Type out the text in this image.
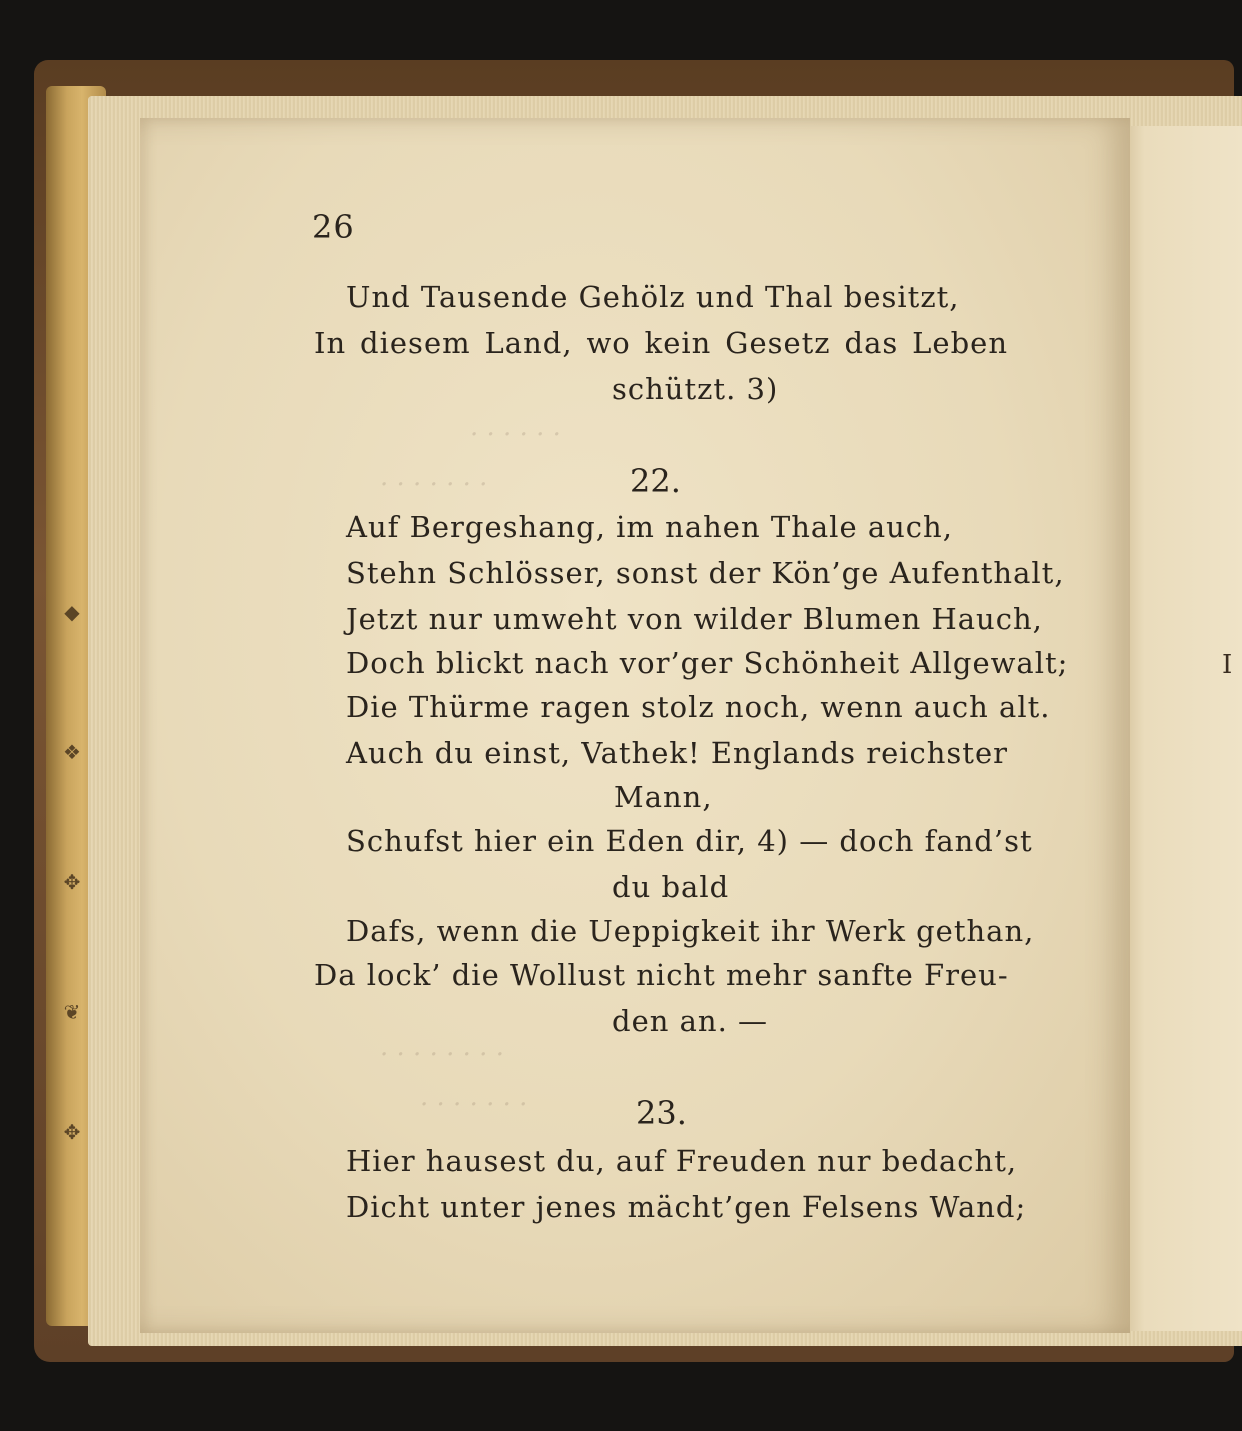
I
◆
❖
✥
❦
✥
· · · · · ·
· · · · · · ·
· · · · · · · ·
· · · · · · ·
26
Und Tausende Gehölz und Thal besitzt,
In diesem Land, wo kein Gesetz das Leben
schützt. 3)
22.
Auf Bergeshang, im nahen Thale auch,
Stehn Schlösser, sonst der Kön’ge Aufenthalt,
Jetzt nur umweht von wilder Blumen Hauch,
Doch blickt nach vor’ger Schönheit Allgewalt;
Die Thürme ragen stolz noch, wenn auch alt.
Auch du einst, Vathek! Englands reichster
Mann,
Schufst hier ein Eden dir, 4) — doch fand’st
du bald
Dafs, wenn die Ueppigkeit ihr Werk gethan,
Da lock’ die Wollust nicht mehr sanfte Freu-
den an. —
23.
Hier hausest du, auf Freuden nur bedacht,
Dicht unter jenes mächt’gen Felsens Wand;
